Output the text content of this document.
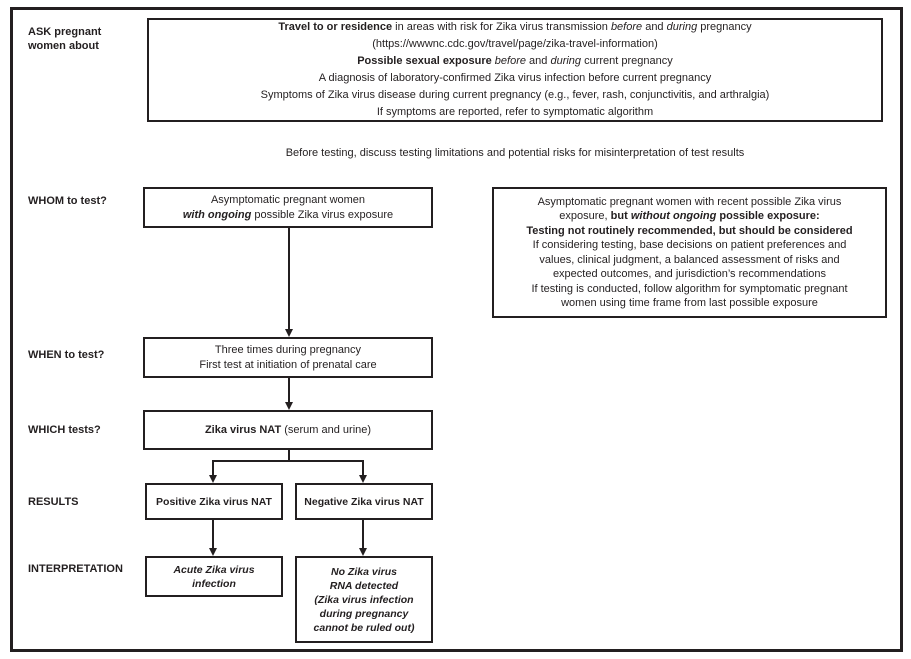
ASK pregnant
women about
WHOM to test?
WHEN to test?
WHICH tests?
RESULTS
INTERPRETATION
Travel to or residence in areas with risk for Zika virus transmission before and during pregnancy
(https://wwwnc.cdc.gov/travel/page/zika-travel-information)
Possible sexual exposure before and during current pregnancy
A diagnosis of laboratory-confirmed Zika virus infection before current pregnancy
Symptoms of Zika virus disease during current pregnancy (e.g., fever, rash, conjunctivitis, and arthralgia)
If symptoms are reported, refer to symptomatic algorithm
Before testing, discuss testing limitations and potential risks for misinterpretation of test results
Asymptomatic pregnant women
with ongoing possible Zika virus exposure
Asymptomatic pregnant women with recent possible Zika virus
exposure, but without ongoing possible exposure:
Testing not routinely recommended, but should be considered
If considering testing, base decisions on patient preferences and
values, clinical judgment, a balanced assessment of risks and
expected outcomes, and jurisdiction’s recommendations
If testing is conducted, follow algorithm for symptomatic pregnant
women using time frame from last possible exposure
Three times during pregnancy
First test at initiation of prenatal care
Zika virus NAT (serum and urine)
Positive Zika virus NAT	Negative Zika virus NAT
Acute Zika virus
infection
No Zika virus
RNA detected
(Zika virus infection
during pregnancy
cannot be ruled out)
